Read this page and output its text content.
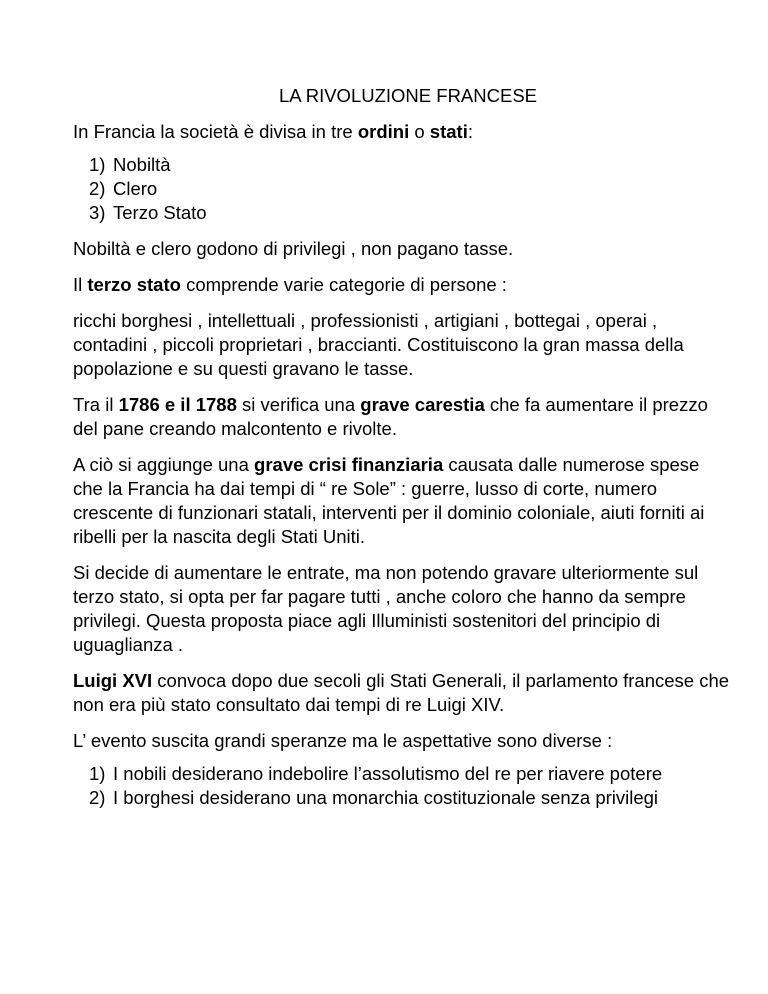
LA RIVOLUZIONE FRANCESE

In Francia la società è divisa in tre ordini o stati:

1) Nobiltà
2) Clero
3) Terzo Stato

Nobiltà e clero godono di privilegi , non pagano tasse.

Il terzo stato comprende varie categorie di persone :

ricchi borghesi , intellettuali , professionisti , artigiani , bottegai , operai , contadini , piccoli proprietari , braccianti. Costituiscono la gran massa della popolazione e su questi gravano le tasse.

Tra il 1786 e il 1788 si verifica una grave carestia che fa aumentare il prezzo del pane creando malcontento e rivolte.

A ciò si aggiunge una grave crisi finanziaria causata dalle numerose spese che la Francia ha dai tempi di “ re Sole” : guerre, lusso di corte, numero crescente di funzionari statali, interventi per il dominio coloniale, aiuti forniti ai ribelli per la nascita degli Stati Uniti.

Si decide di aumentare le entrate, ma non potendo gravare ulteriormente sul terzo stato, si opta per far pagare tutti , anche coloro che hanno da sempre privilegi. Questa proposta piace agli Illuministi sostenitori del principio di uguaglianza .

Luigi XVI convoca dopo due secoli gli Stati Generali, il parlamento francese che non era più stato consultato dai tempi di re Luigi XIV.

L’ evento suscita grandi speranze ma le aspettative sono diverse :

1) I nobili desiderano indebolire l’assolutismo del re per riavere potere
2) I borghesi desiderano una monarchia costituzionale senza privilegi
